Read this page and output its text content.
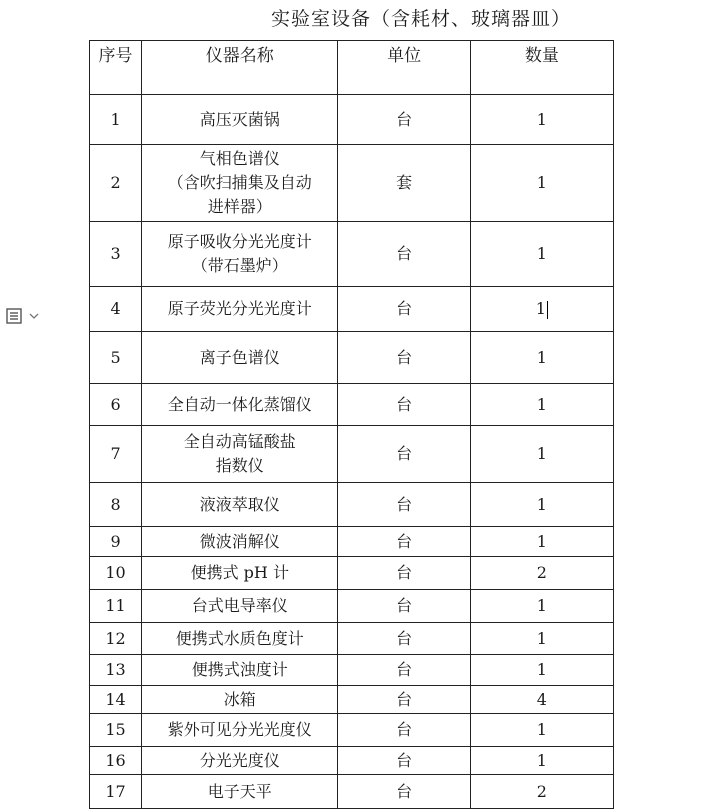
实验室设备（含耗材、玻璃器皿）
序号	仪器名称	单位	数量
1	高压灭菌锅	台	1
2	气相色谱仪
（含吹扫捕集及自动
进样器）	套	1
3	原子吸收分光光度计
（带石墨炉）	台	1
4	原子荧光分光光度计	台	1
5	离子色谱仪	台	1
6	全自动一体化蒸馏仪	台	1
7	全自动高锰酸盐
指数仪	台	1
8	液液萃取仪	台	1
9	微波消解仪	台	1
10	便携式 pH 计	台	2
11	台式电导率仪	台	1
12	便携式水质色度计	台	1
13	便携式浊度计	台	1
14	冰箱	台	4
15	紫外可见分光光度仪	台	1
16	分光光度仪	台	1
17	电子天平	台	2
